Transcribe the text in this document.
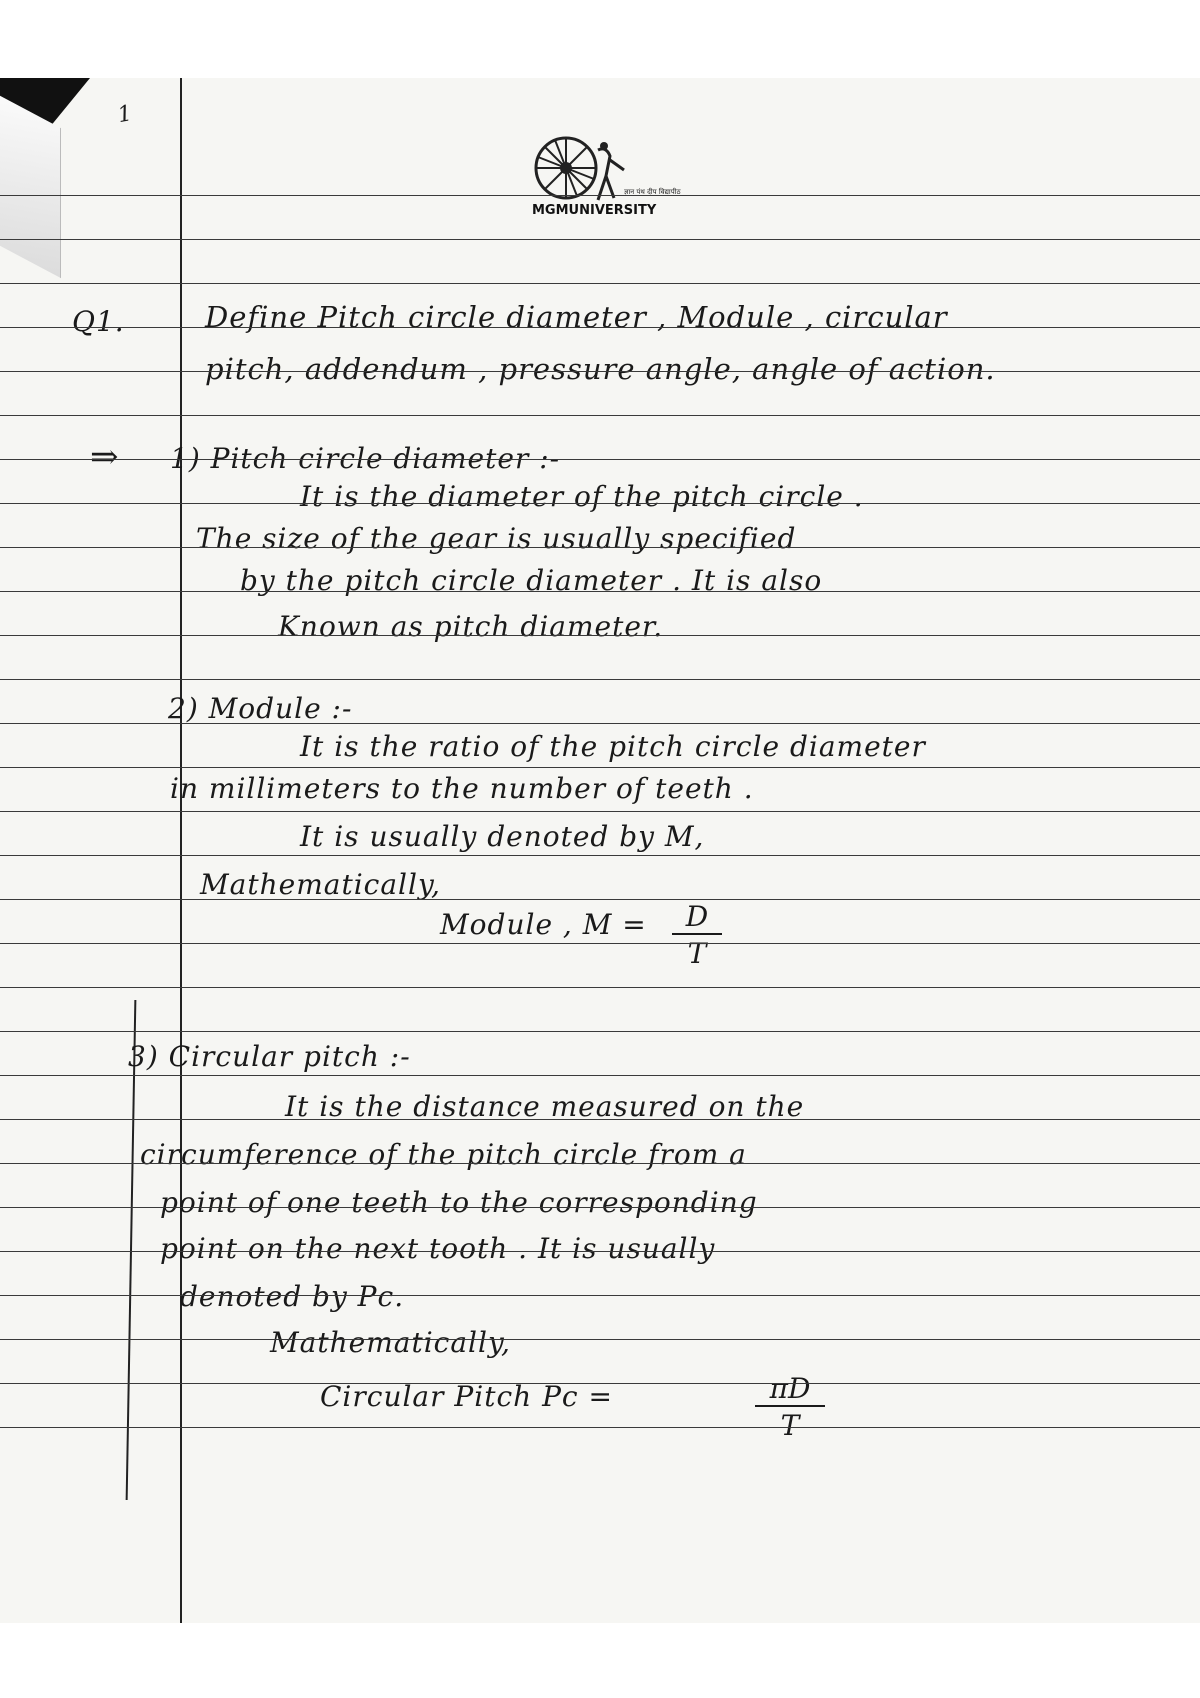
ज्ञान पंथ दीप विद्यापीठ
MGMUNIVERSITY
1
Q1.	Define Pitch circle diameter , Module , circular
pitch, addendum , pressure angle, angle of action.
⇒ 1) Pitch circle diameter :-
It is the diameter of the pitch circle .
The size of the gear is usually specified
by the pitch circle diameter . It is also
Known as pitch diameter.
2) Module :-
It is the ratio of the pitch circle diameter
in millimeters to the number of teeth .
It is usually denoted by M,
Mathematically,
Module , $M = \frac{D}{T}$
3) Circular pitch :-
It is the distance measured on the
circumference of the pitch circle from a
point of one teeth to the corresponding
point on the next tooth . It is usually
denoted by Pc.
Mathematically,
Circular Pitch Pc =	$\frac{\pi D}{T}$
